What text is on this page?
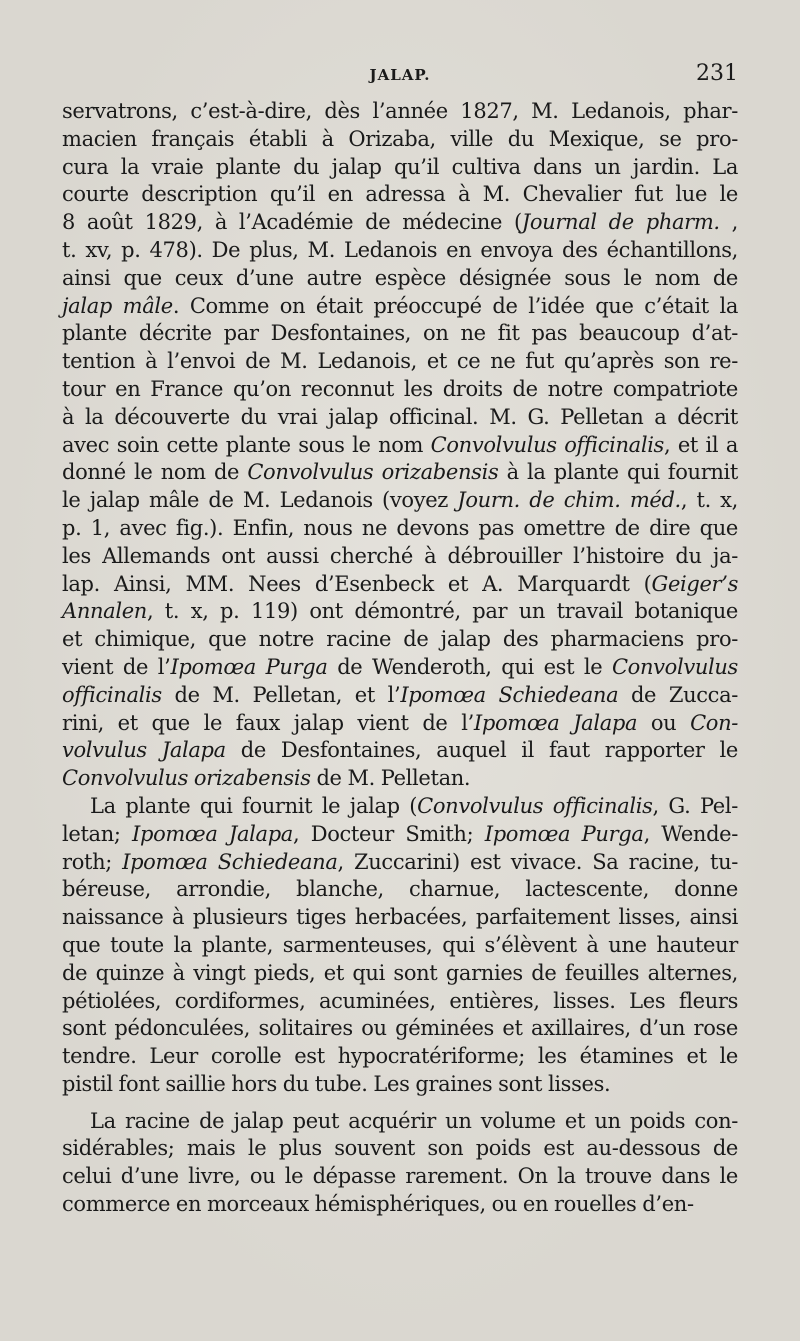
JALAP.	231
servatrons, c’est-à-dire, dès l’année 1827, M. Ledanois, phar-
macien français établi à Orizaba, ville du Mexique, se pro-
cura la vraie plante du jalap qu’il cultiva dans un jardin. La
courte description qu’il en adressa à M. Chevalier fut lue le
8 août 1829, à l’Académie de médecine (Journal de pharm. ,
t. xv, p. 478). De plus, M. Ledanois en envoya des échantillons,
ainsi que ceux d’une autre espèce désignée sous le nom de
jalap mâle. Comme on était préoccupé de l’idée que c’était la
plante décrite par Desfontaines, on ne fit pas beaucoup d’at-
tention à l’envoi de M. Ledanois, et ce ne fut qu’après son re-
tour en France qu’on reconnut les droits de notre compatriote
à la découverte du vrai jalap officinal. M. G. Pelletan a décrit
avec soin cette plante sous le nom Convolvulus officinalis, et il a
donné le nom de Convolvulus orizabensis à la plante qui fournit
le jalap mâle de M. Ledanois (voyez Journ. de chim. méd., t. x,
p. 1, avec fig.). Enfin, nous ne devons pas omettre de dire que
les Allemands ont aussi cherché à débrouiller l’histoire du ja-
lap. Ainsi, MM. Nees d’Esenbeck et A. Marquardt (Geiger’s
Annalen, t. x, p. 119) ont démontré, par un travail botanique
et chimique, que notre racine de jalap des pharmaciens pro-
vient de l’Ipomœa Purga de Wenderoth, qui est le Convolvulus
officinalis de M. Pelletan, et l’Ipomœa Schiedeana de Zucca-
rini, et que le faux jalap vient de l’Ipomœa Jalapa ou Con-
volvulus Jalapa de Desfontaines, auquel il faut rapporter le
Convolvulus orizabensis de M. Pelletan.
La plante qui fournit le jalap (Convolvulus officinalis, G. Pel-
letan; Ipomœa Jalapa, Docteur Smith; Ipomœa Purga, Wende-
roth; Ipomœa Schiedeana, Zuccarini) est vivace. Sa racine, tu-
béreuse, arrondie, blanche, charnue, lactescente, donne
naissance à plusieurs tiges herbacées, parfaitement lisses, ainsi
que toute la plante, sarmenteuses, qui s’élèvent à une hauteur
de quinze à vingt pieds, et qui sont garnies de feuilles alternes,
pétiolées, cordiformes, acuminées, entières, lisses. Les fleurs
sont pédonculées, solitaires ou géminées et axillaires, d’un rose
tendre. Leur corolle est hypocratériforme; les étamines et le
pistil font saillie hors du tube. Les graines sont lisses.
La racine de jalap peut acquérir un volume et un poids con-
sidérables; mais le plus souvent son poids est au-dessous de
celui d’une livre, ou le dépasse rarement. On la trouve dans le
commerce en morceaux hémisphériques, ou en rouelles d’en-
